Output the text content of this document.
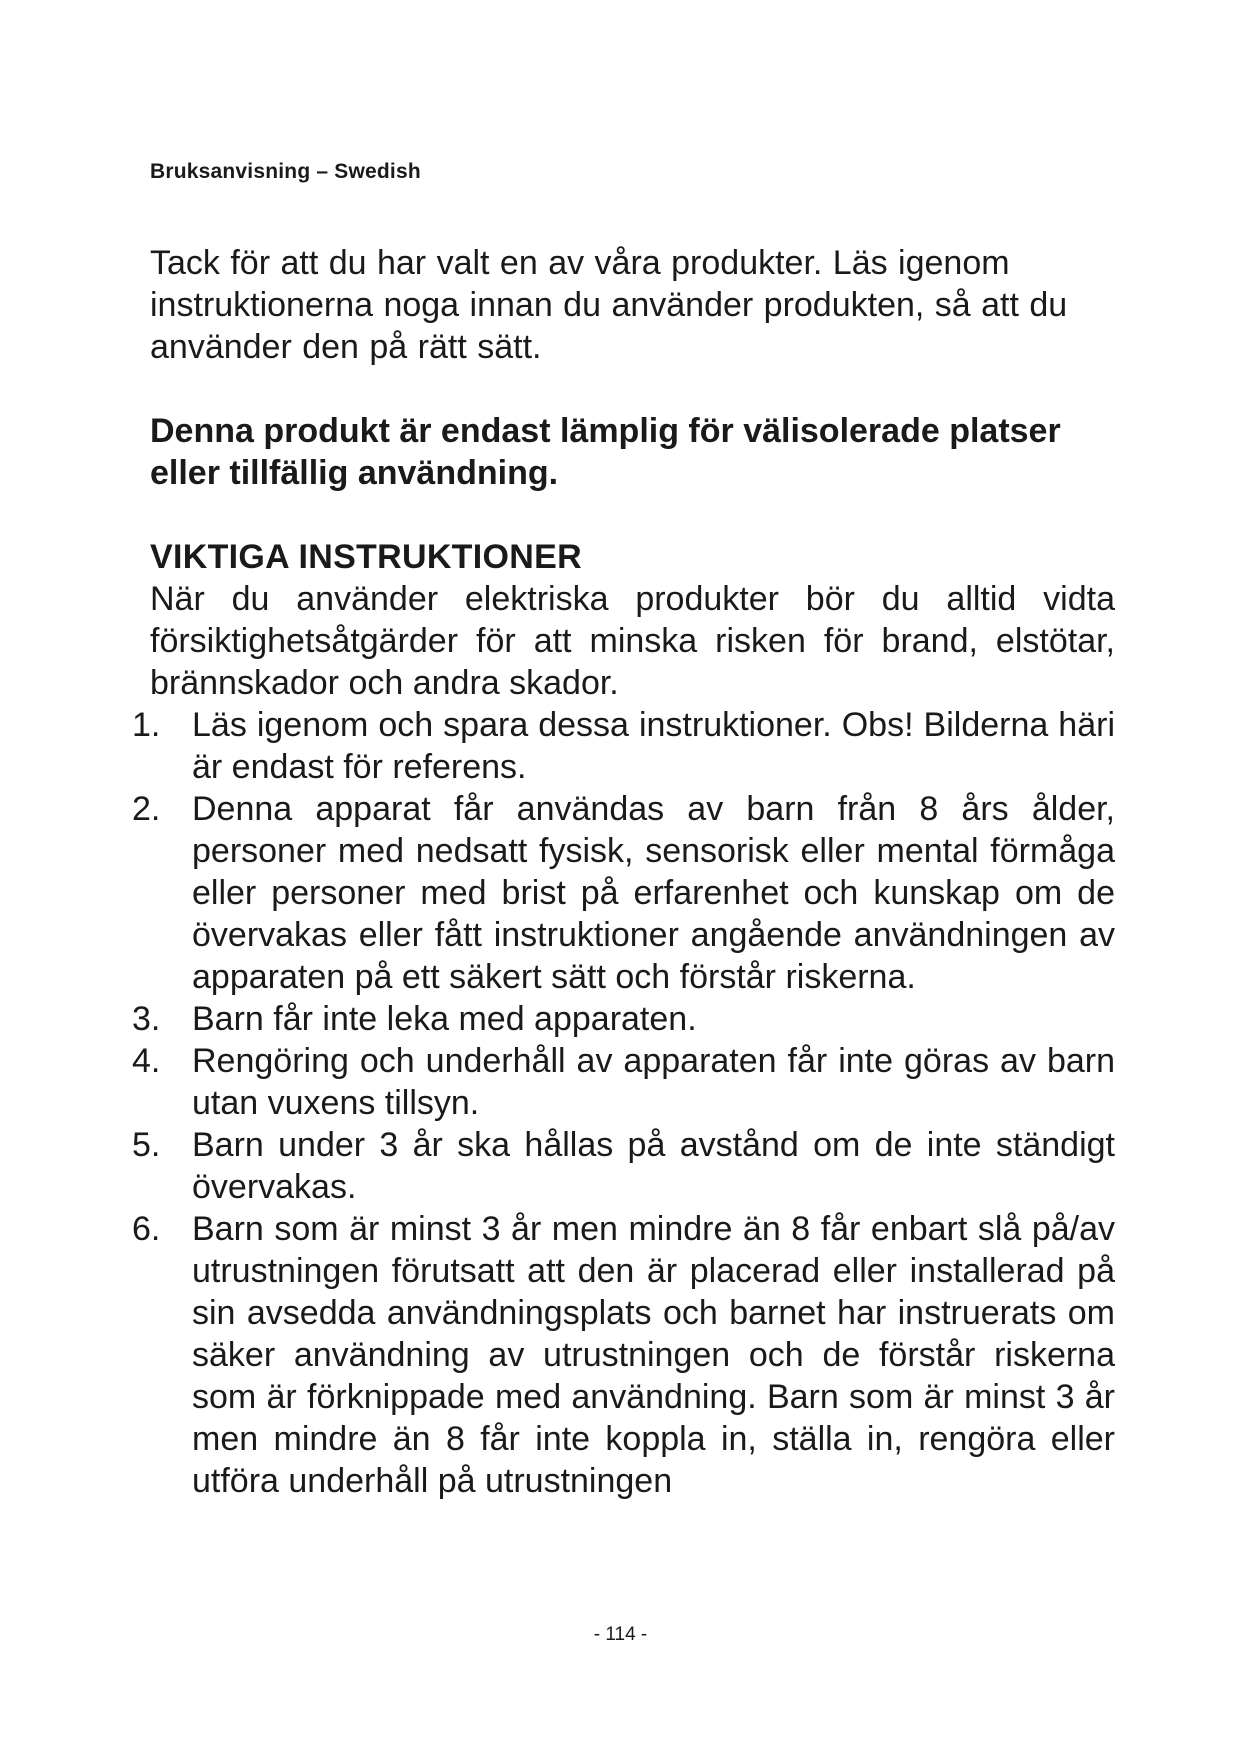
Bruksanvisning – Swedish

Tack för att du har valt en av våra produkter. Läs igenom instruktionerna noga innan du använder produkten, så att du använder den på rätt sätt.

Denna produkt är endast lämplig för välisolerade platser eller tillfällig användning.

VIKTIGA INSTRUKTIONER

När du använder elektriska produkter bör du alltid vidta försiktighetsåtgärder för att minska risken för brand, elstötar, brännskador och andra skador.

1. Läs igenom och spara dessa instruktioner. Obs! Bilderna häri är endast för referens.
2. Denna apparat får användas av barn från 8 års ålder, personer med nedsatt fysisk, sensorisk eller mental förmåga eller personer med brist på erfarenhet och kunskap om de övervakas eller fått instruktioner angående användningen av apparaten på ett säkert sätt och förstår riskerna.
3. Barn får inte leka med apparaten.
4. Rengöring och underhåll av apparaten får inte göras av barn utan vuxens tillsyn.
5. Barn under 3 år ska hållas på avstånd om de inte ständigt övervakas.
6. Barn som är minst 3 år men mindre än 8 får enbart slå på/av utrustningen förutsatt att den är placerad eller installerad på sin avsedda användningsplats och barnet har instruerats om säker användning av utrustningen och de förstår riskerna som är förknippade med användning. Barn som är minst 3 år men mindre än 8 får inte koppla in, ställa in, rengöra eller utföra underhåll på utrustningen
- 114 -
